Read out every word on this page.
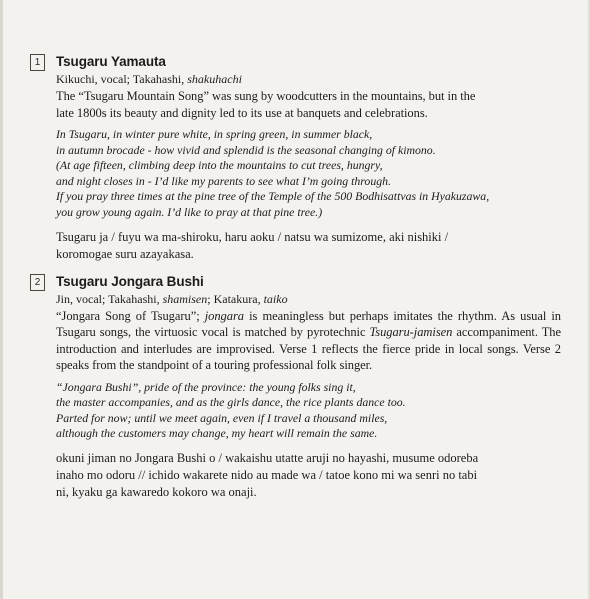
1	Tsugaru Yamauta
Kikuchi, vocal; Takahashi, shakuhachi
The “Tsugaru Mountain Song” was sung by woodcutters in the mountains, but in the
late 1800s its beauty and dignity led to its use at banquets and celebrations.
In Tsugaru, in winter pure white, in spring green, in summer black,
in autumn brocade - how vivid and splendid is the seasonal changing of kimono.
(At age fifteen, climbing deep into the mountains to cut trees, hungry,
and night closes in - I’d like my parents to see what I’m going through.
If you pray three times at the pine tree of the Temple of the 500 Bodhisattvas in Hyakuzawa,
you grow young again. I’d like to pray at that pine tree.)
Tsugaru ja / fuyu wa ma-shiroku, haru aoku / natsu wa sumizome, aki nishiki /
koromogae suru azayakasa.
2	Tsugaru Jongara Bushi
Jin, vocal; Takahashi, shamisen; Katakura, taiko
“Jongara Song of Tsugaru”; jongara is meaningless but perhaps imitates the rhythm. As usual in Tsugaru songs, the virtuosic vocal is matched by pyrotechnic Tsugaru-jamisen accompaniment. The introduction and interludes are improvised. Verse 1 reflects the fierce pride in local songs. Verse 2 speaks from the standpoint of a touring professional folk singer.
“Jongara Bushi”, pride of the province: the young folks sing it,
the master accompanies, and as the girls dance, the rice plants dance too.
Parted for now; until we meet again, even if I travel a thousand miles,
although the customers may change, my heart will remain the same.
okuni jiman no Jongara Bushi o / wakaishu utatte aruji no hayashi, musume odoreba
inaho mo odoru // ichido wakarete nido au made wa / tatoe kono mi wa senri no tabi
ni, kyaku ga kawaredo kokoro wa onaji.
